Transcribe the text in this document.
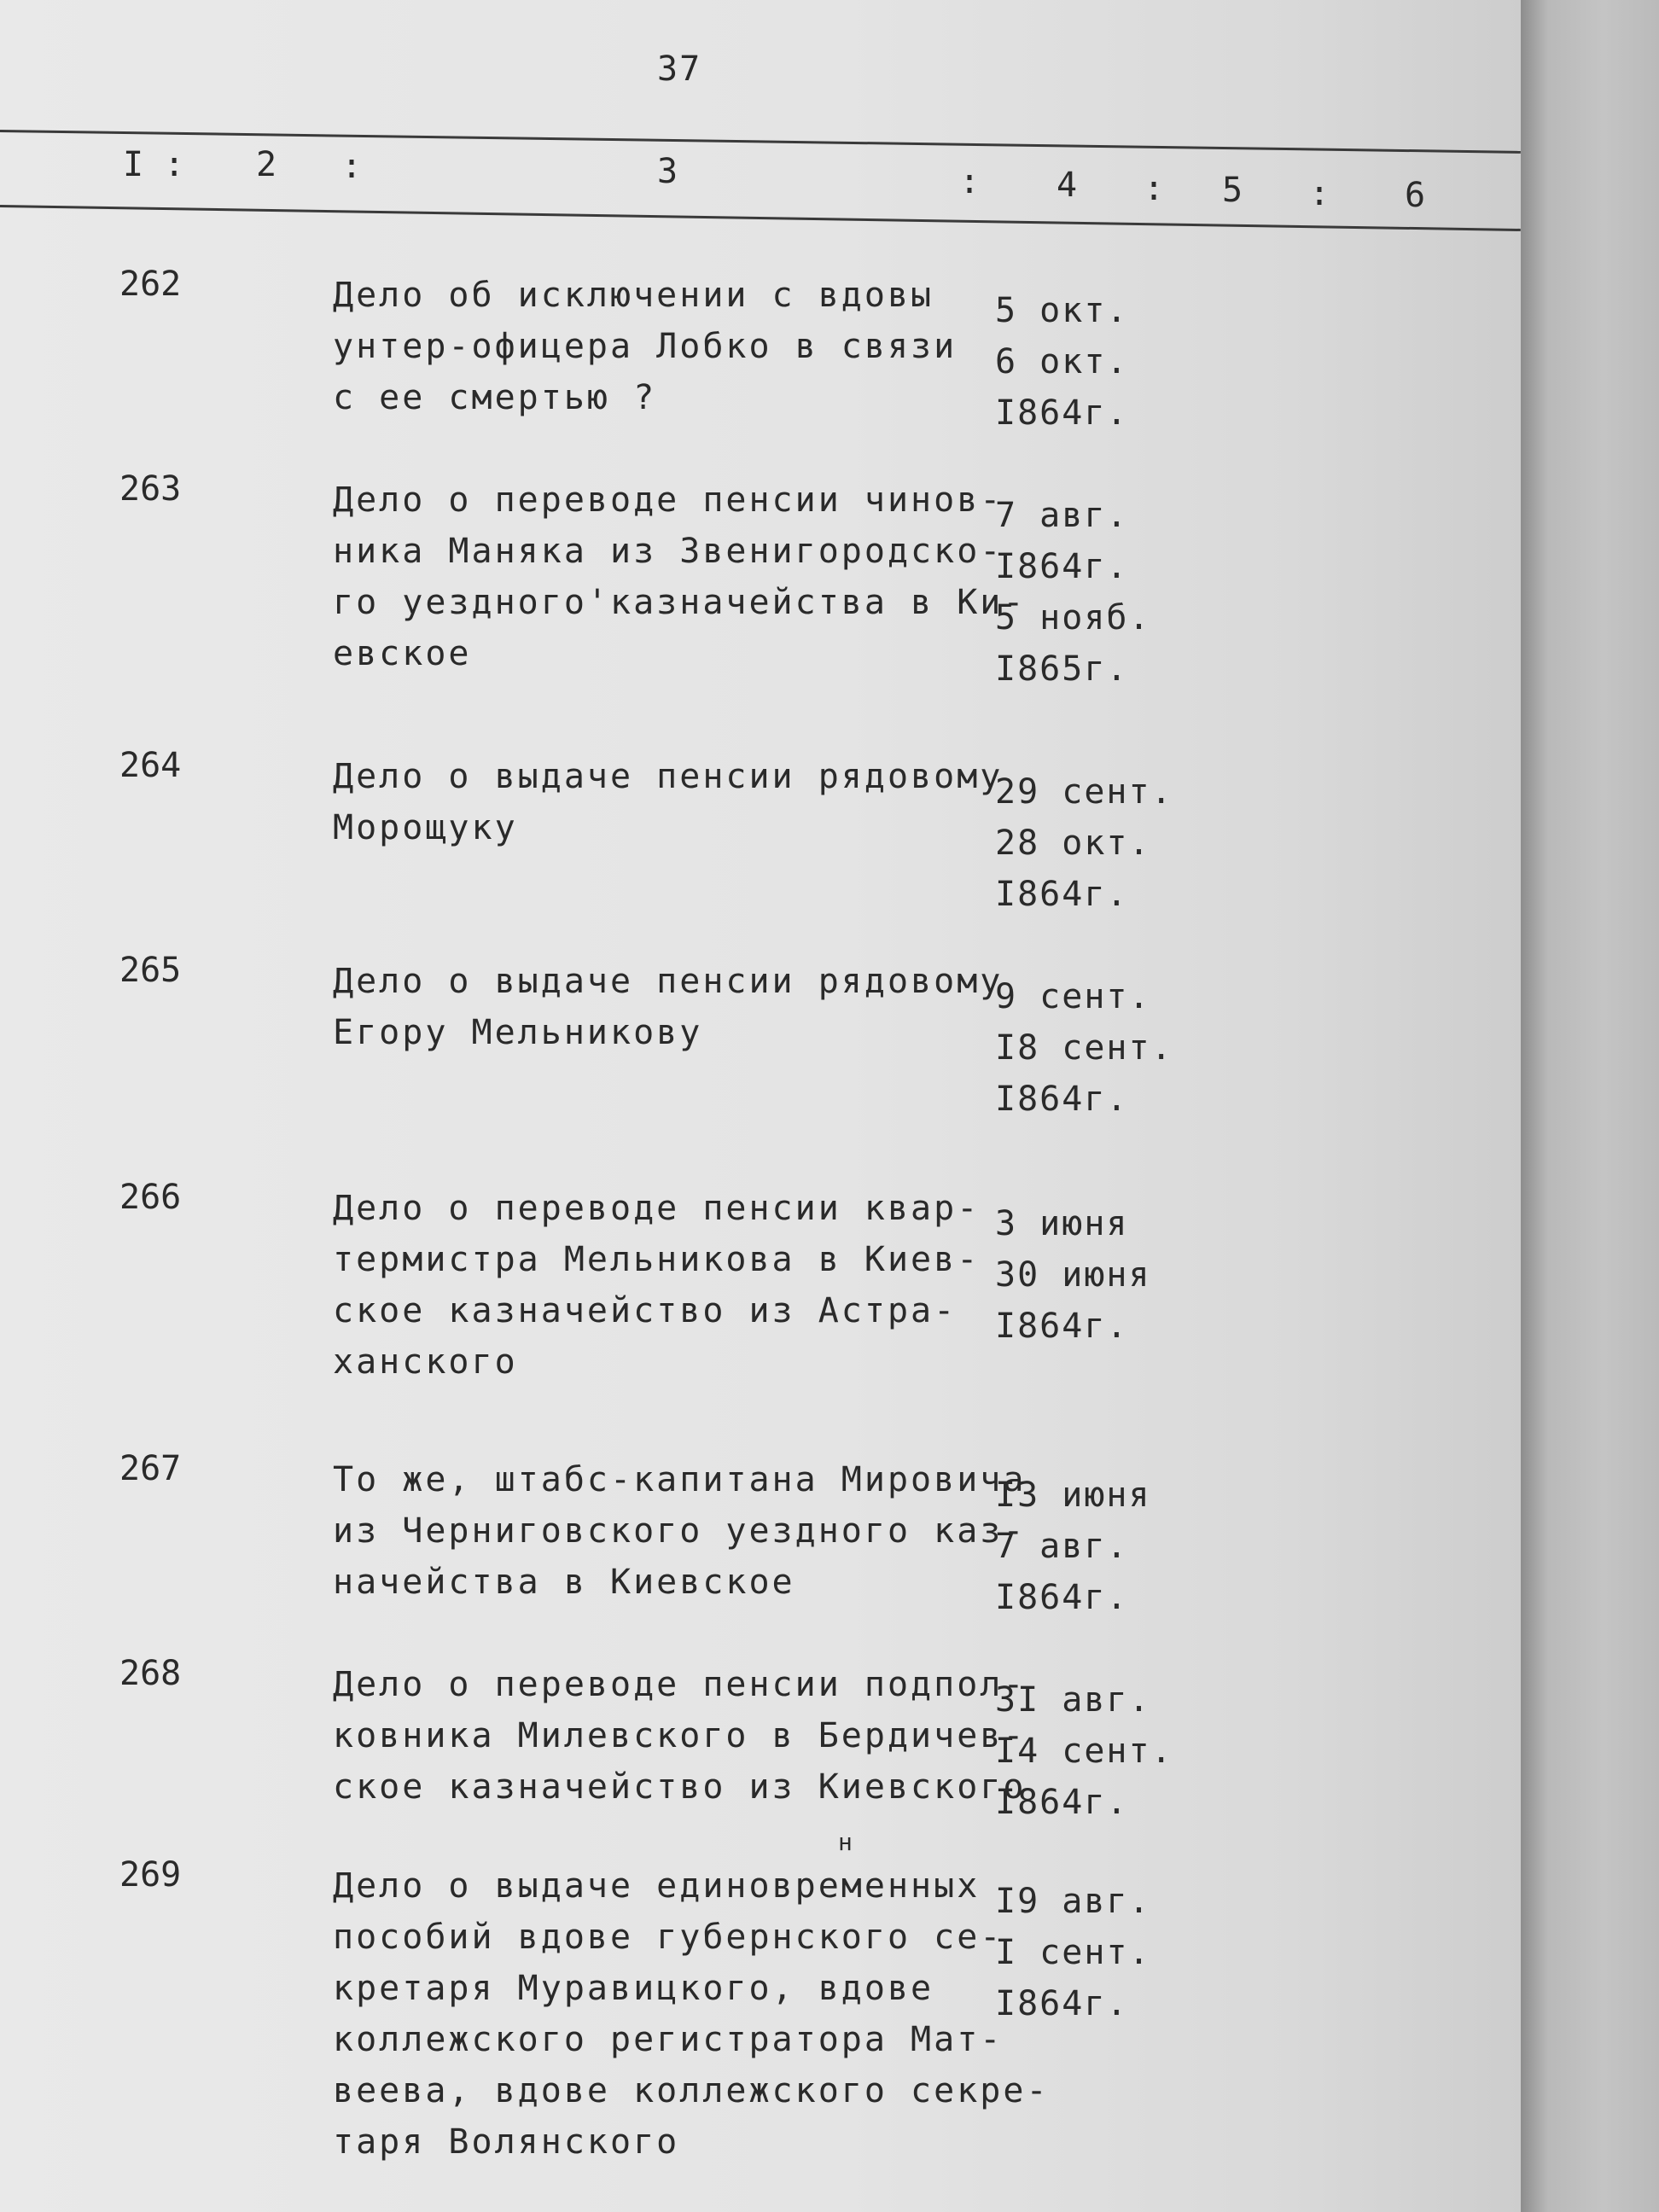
37
I : 2 :	3	: 4 : 5 : 6
262	Дело об исключении с вдовы
унтер-офицера Лобко в связи
с ее смертью ?
5 окт.
6 окт.
I864г.
263	Дело о переводе пенсии чинов-
ника Маняка из Звенигородско-
го уездного'казначейства в Ки-
евское
7 авг.
I864г.
5 нояб.
I865г.
264	Дело о выдаче пенсии рядовому
Морощуку
29 сент.
28 окт.
I864г.
265	Дело о выдаче пенсии рядовому
Егору Мельникову
9 сент.
I8 сент.
I864г.
266	Дело о переводе пенсии квар-
термистра Мельникова в Киев-
ское казначейство из Астра-
ханского
3 июня
30 июня
I864г.
267	То же, штабс-капитана Мировича
из Черниговского уездного каз-
начейства в Киевское
I3 июня
7 авг.
I864г.
268	Дело о переводе пенсии подпол-
ковника Милевского в Бердичев-
ское казначейство из Киевского
3I авг.
I4 сент.
I864г.
269	Дело о выдаче единовременных
пособий вдове губернского се-
кретаря Муравицкого, вдове
коллежского регистратора Мат-
веева, вдове коллежского секре-
таря Волянского
I9 авг.
I сент.
I864г.
н
